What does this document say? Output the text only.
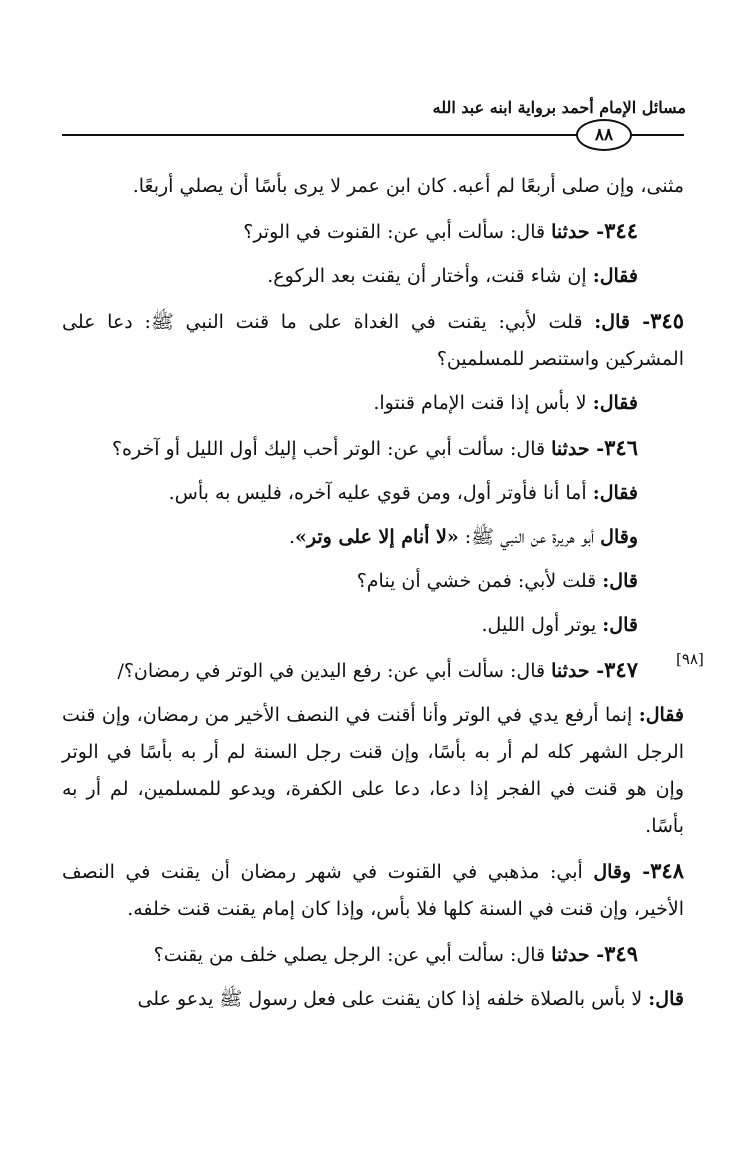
مسائل الإمام أحمد برواية ابنه عبد الله
٨٨
[٩٨]

مثنى، وإن صلى أربعًا لم أعبه. كان ابن عمر لا يرى بأسًا أن يصلي أربعًا.

٣٤٤- حدثنا قال: سألت أبي عن: القنوت في الوتر؟

فقال: إن شاء قنت، وأختار أن يقنت بعد الركوع.

٣٤٥- قال: قلت لأبي: يقنت في الغداة على ما قنت النبي ﷺ: دعا على المشركين واستنصر للمسلمين؟

فقال: لا بأس إذا قنت الإمام قنتوا.

٣٤٦- حدثنا قال: سألت أبي عن: الوتر أحب إليك أول الليل أو آخره؟

فقال: أما أنا فأوتر أول، ومن قوي عليه آخره، فليس به بأس.

وقال أبو هريرة عن النبي ﷺ: «لا أنام إلا على وتر».

قال: قلت لأبي: فمن خشي أن ينام؟

قال: يوتر أول الليل.

٣٤٧- حدثنا قال: سألت أبي عن: رفع اليدين في الوتر في رمضان؟/

فقال: إنما أرفع يدي في الوتر وأنا أقنت في النصف الأخير من رمضان، وإن قنت الرجل الشهر كله لم أر به بأسًا، وإن قنت رجل السنة لم أر به بأسًا في الوتر وإن هو قنت في الفجر إذا دعا، دعا على الكفرة، ويدعو للمسلمين، لم أر به بأسًا.

٣٤٨- وقال أبي: مذهبي في القنوت في شهر رمضان أن يقنت في النصف الأخير، وإن قنت في السنة كلها فلا بأس، وإذا كان إمام يقنت قنت خلفه.

٣٤٩- حدثنا قال: سألت أبي عن: الرجل يصلي خلف من يقنت؟

قال: لا بأس بالصلاة خلفه إذا كان يقنت على فعل رسول ﷺ يدعو على
